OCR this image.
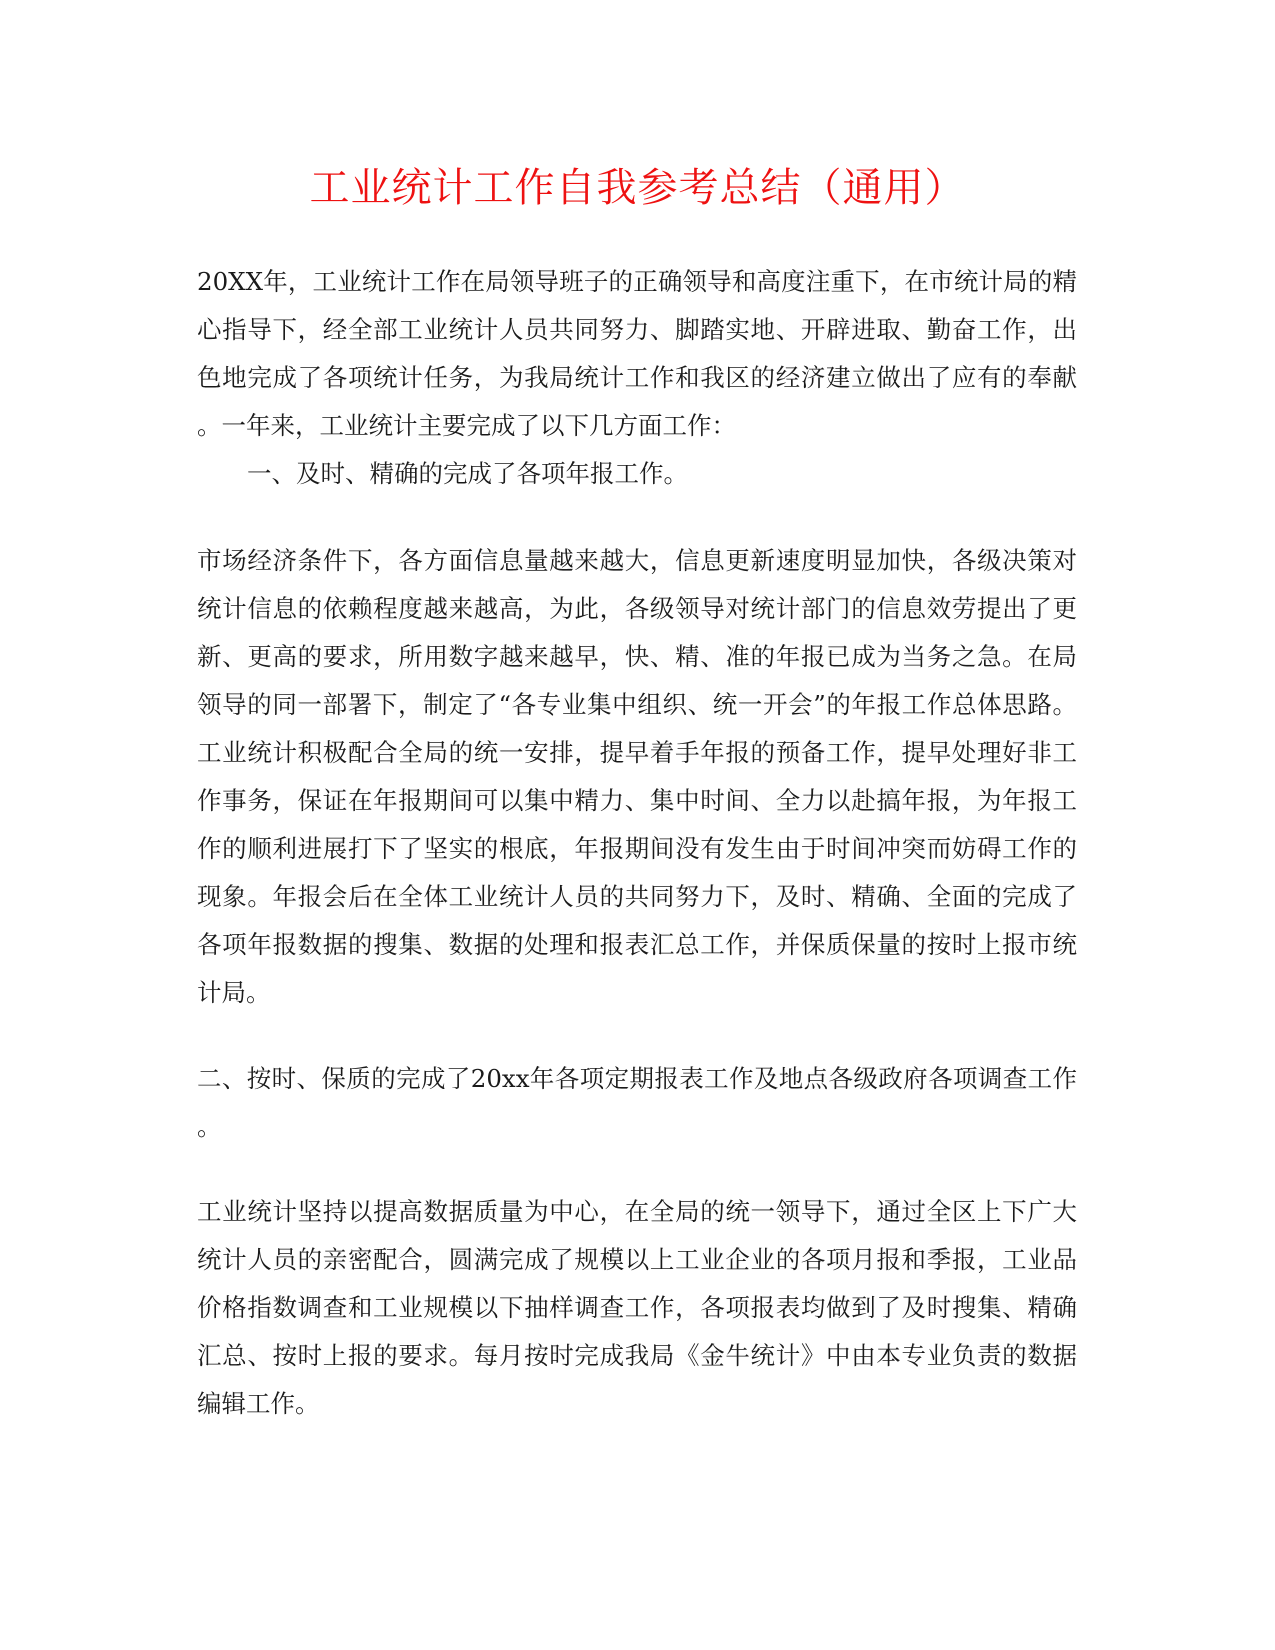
工业统计工作自我参考总结（通用）
20XX年，工业统计工作在局领导班子的正确领导和高度注重下，在市统计局的精
心指导下，经全部工业统计人员共同努力、脚踏实地、开辟进取、勤奋工作，出
色地完成了各项统计任务，为我局统计工作和我区的经济建立做出了应有的奉献
。一年来，工业统计主要完成了以下几方面工作：
一、及时、精确的完成了各项年报工作。
市场经济条件下，各方面信息量越来越大，信息更新速度明显加快，各级决策对
统计信息的依赖程度越来越高，为此，各级领导对统计部门的信息效劳提出了更
新、更高的要求，所用数字越来越早，快、精、准的年报已成为当务之急。在局
领导的同一部署下，制定了“各专业集中组织、统一开会”的年报工作总体思路。
工业统计积极配合全局的统一安排，提早着手年报的预备工作，提早处理好非工
作事务，保证在年报期间可以集中精力、集中时间、全力以赴搞年报，为年报工
作的顺利进展打下了坚实的根底，年报期间没有发生由于时间冲突而妨碍工作的
现象。年报会后在全体工业统计人员的共同努力下，及时、精确、全面的完成了
各项年报数据的搜集、数据的处理和报表汇总工作，并保质保量的按时上报市统
计局。
二、按时、保质的完成了20xx年各项定期报表工作及地点各级政府各项调查工作
。
工业统计坚持以提高数据质量为中心，在全局的统一领导下，通过全区上下广大
统计人员的亲密配合，圆满完成了规模以上工业企业的各项月报和季报，工业品
价格指数调查和工业规模以下抽样调查工作，各项报表均做到了及时搜集、精确
汇总、按时上报的要求。每月按时完成我局《金牛统计》中由本专业负责的数据
编辑工作。
